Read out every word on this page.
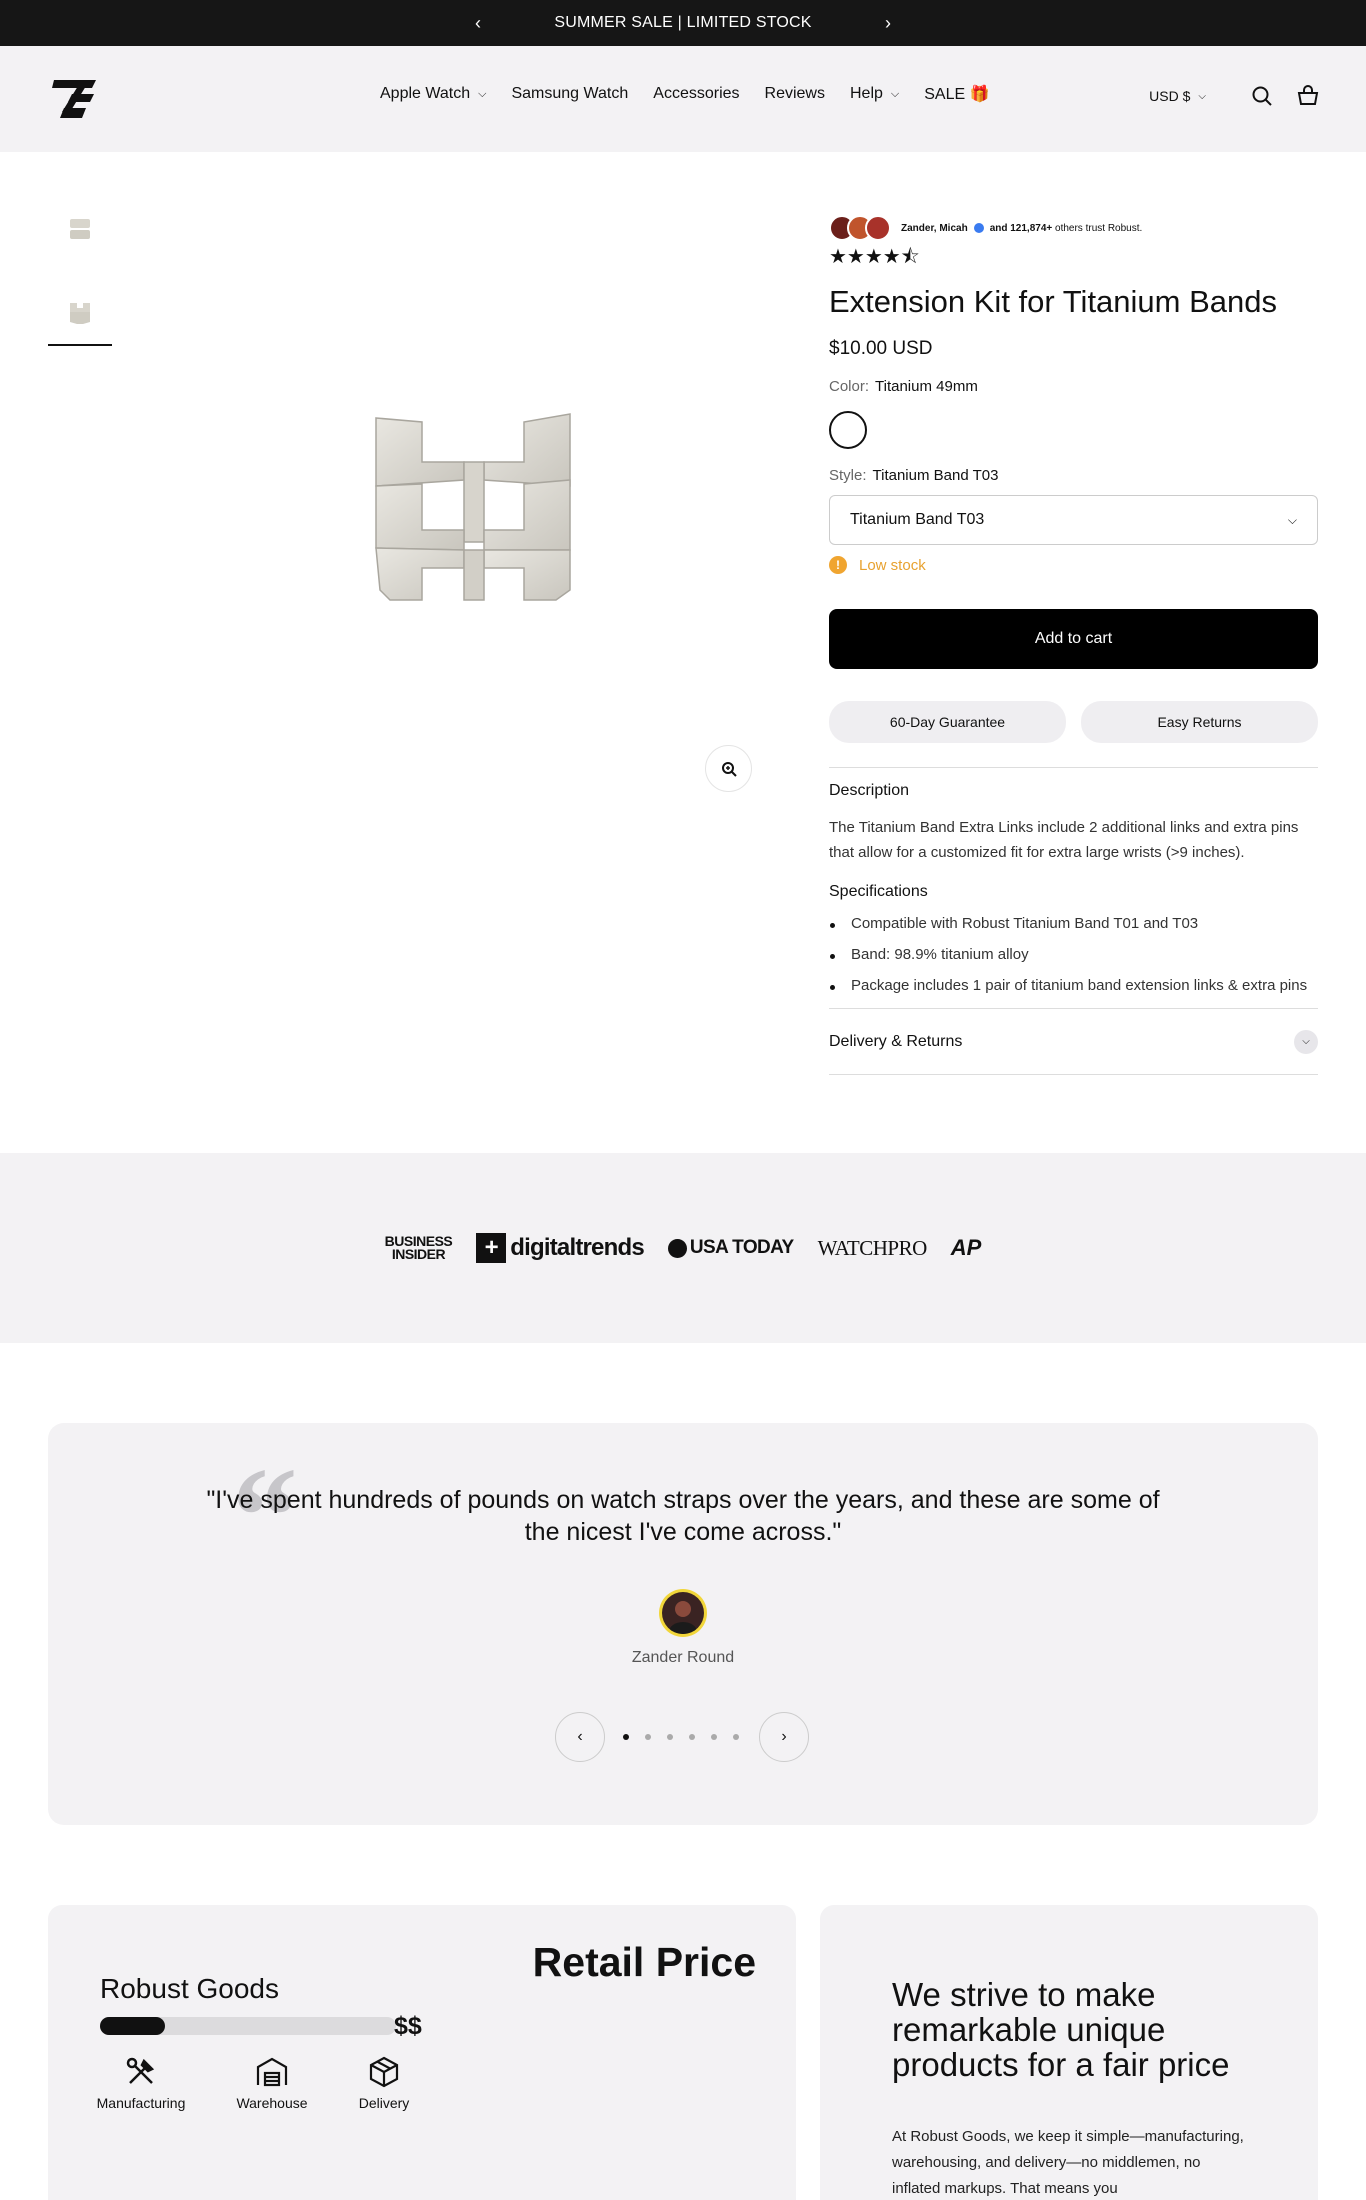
‹	SUMMER SALE | LIMITED STOCK	›
Apple Watch ⌵ Samsung Watch Accessories Reviews Help ⌵ SALE 🎁	USD $ ⌵
Zander, Micah and 121,874+
others trust Robust.
★★★★⯪
Extension Kit for Titanium Bands
$10.00 USD
Color: Titanium 49mm
Style: Titanium Band T03
Titanium Band T03	⌵
!	Low stock
Add to cart
60-Day Guarantee	Easy Returns
Description

The Titanium Band Extra Links include 2 additional links and extra pins that allow for a customized fit for extra large wrists (>9 inches).

Specifications
Compatible with Robust Titanium Band T01 and T03
Band: 98.9% titanium alloy
Package includes 1 pair of titanium band extension links & extra pins
Delivery & Returns	⌵
BUSINESS
INSIDER	+ digitaltrends USA TODAY WATCHPRO AP
“

"I've spent hundreds of pounds on watch straps over the years, and these are some of the nicest I've come across."

Zander Round
‹	›
Retail Price
Robust Goods
$$
Manufacturing	Warehouse	Delivery
We strive to make remarkable unique products for a fair price

At Robust Goods, we keep it simple—manufacturing, warehousing, and delivery—no middlemen, no inflated markups. That means you
